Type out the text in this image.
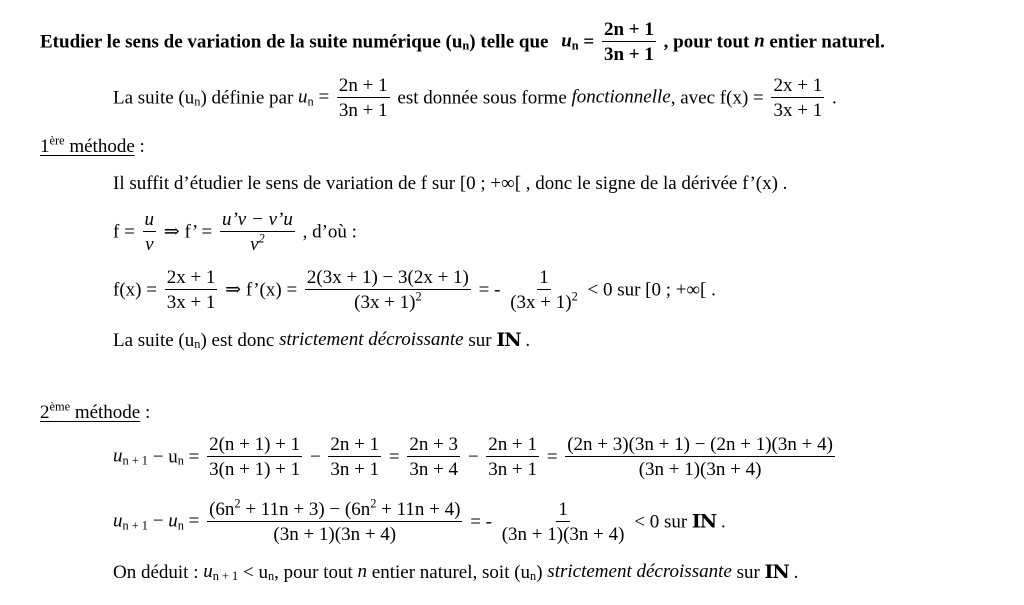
Etudier le sens de variation de la suite numérique $(u_n)$ telle que $u_n = \frac{2n + 1}{3n + 1}$ , pour tout n entier naturel.
La suite $(u_n)$ définie par $u_n = \frac{2n + 1}{3n + 1}$ est donnée sous forme fonctionnelle, avec $f(x) = \frac{2x + 1}{3x + 1}$ .
1ère méthode :
Il suffit d’étudier le sens de variation de f sur [0 ; +∞[ , donc le signe de la dérivée f’(x) .
$f = \frac{u}{v}$ ⇒ f’ = $\frac{u’v - v’u}{v^2}$ , d’où :
$f(x) = \frac{2x + 1}{3x + 1}$ ⇒ f’(x) = $\frac{2(3x + 1) - 3(2x + 1)}{(3x + 1)^2}$ = - $\frac{1}{(3x + 1)^2} < 0$ sur [0 ; +∞[ .
La suite $(u_n)$ est donc strictement décroissante sur IN .
2ème méthode :
$u_{n + 1} - u_n = \frac{2(n + 1) + 1}{3(n + 1) + 1} - \frac{2n + 1}{3n + 1} = \frac{2n + 3}{3n + 4} - \frac{2n + 1}{3n + 1} = \frac{(2n + 3)(3n + 1) - (2n + 1)(3n + 4)}{(3n + 1)(3n + 4)}$
$u_{n + 1} - u_n = \frac{(6n^2 + 11n + 3) - (6n^2 + 11n + 4)}{(3n + 1)(3n + 4)}$ = - $\frac{1}{(3n + 1)(3n + 4)} < 0$ sur IN .
On déduit : $u_{n + 1} < u_n$, pour tout n entier naturel, soit $(u_n)$ strictement décroissante sur IN .
